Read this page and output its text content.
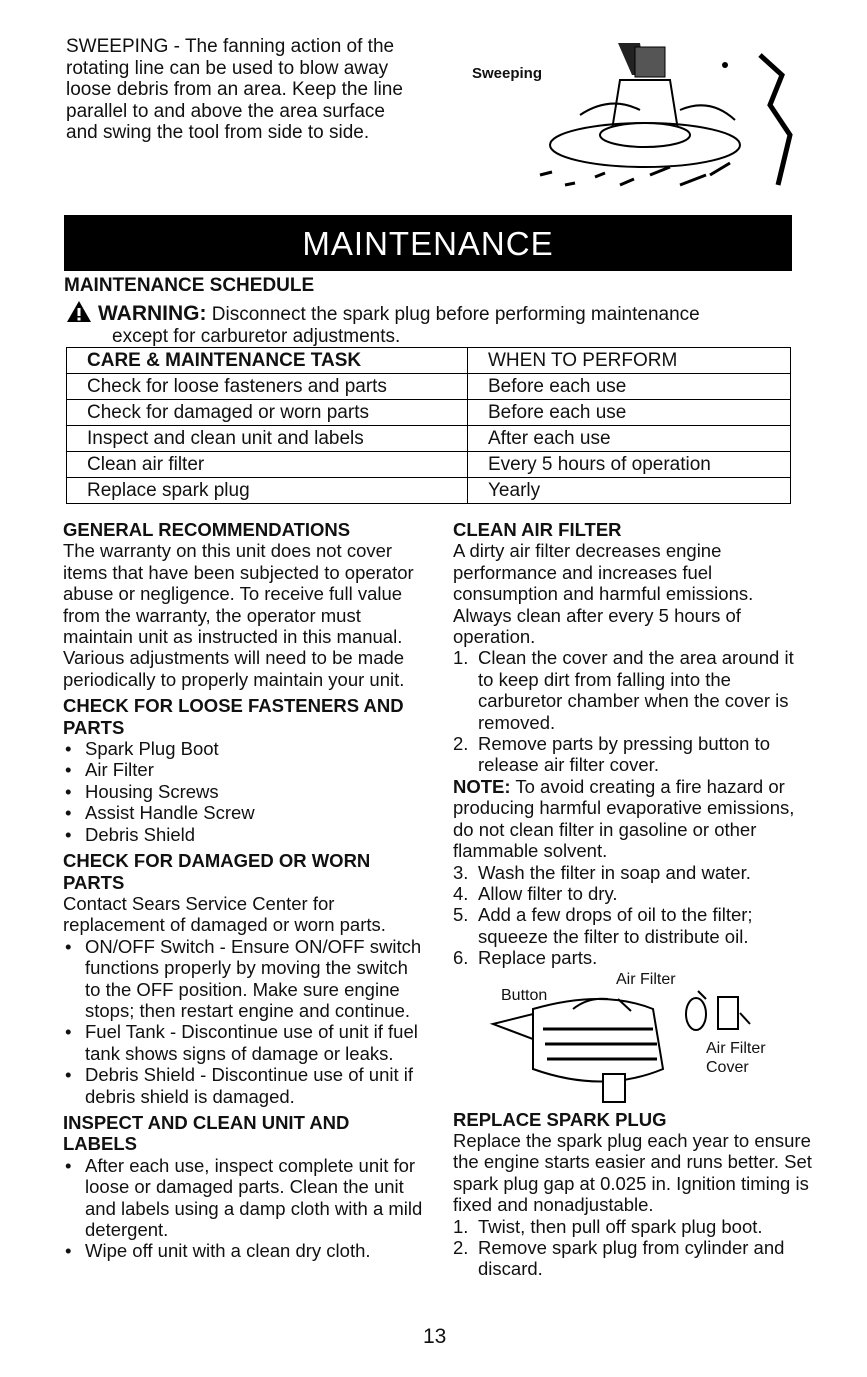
SWEEPING - The fanning action of the rotating line can be used to blow away loose debris from an area. Keep the line parallel to and above the area surface and swing the tool from side to side.

Sweeping
MAINTENANCE
MAINTENANCE SCHEDULE
WARNING: Disconnect the spark plug before performing maintenance
except for carburetor adjustments.
CARE & MAINTENANCE TASK	WHEN TO PERFORM
Check for loose fasteners and parts	Before each use
Check for damaged or worn parts	Before each use
Inspect and clean unit and labels	After each use
Clean air filter	Every 5 hours of operation
Replace spark plug	Yearly
GENERAL RECOMMENDATIONS

The warranty on this unit does not cover items that have been subjected to operator abuse or negligence. To receive full value from the warranty, the operator must maintain unit as instructed in this manual. Various adjustments will need to be made periodically to properly maintain your unit.

CHECK FOR LOOSE FASTENERS AND PARTS
• Spark Plug Boot
• Air Filter
• Housing Screws
• Assist Handle Screw
• Debris Shield
CHECK FOR DAMAGED OR WORN PARTS

Contact Sears Service Center for replacement of damaged or worn parts.

• ON/OFF Switch - Ensure ON/OFF switch functions properly by moving the switch to the OFF position. Make sure engine stops; then restart engine and continue.
• Fuel Tank - Discontinue use of unit if fuel tank shows signs of damage or leaks.
• Debris Shield - Discontinue use of unit if debris shield is damaged.
INSPECT AND CLEAN UNIT AND LABELS
• After each use, inspect complete unit for loose or damaged parts. Clean the unit and labels using a damp cloth with a mild detergent.
• Wipe off unit with a clean dry cloth.
CLEAN AIR FILTER

A dirty air filter decreases engine performance and increases fuel consumption and harmful emissions. Always clean after every 5 hours of operation.

1. Clean the cover and the area around it to keep dirt from falling into the carburetor chamber when the cover is removed.
2. Remove parts by pressing button to release air filter cover.

NOTE: To avoid creating a fire hazard or producing harmful evaporative emissions, do not clean filter in gasoline or other flammable solvent.

3. Wash the filter in soap and water.
4. Allow filter to dry.
5. Add a few drops of oil to the filter; squeeze the filter to distribute oil.
6. Replace parts.
Button
Air Filter
Air Filter
Cover
REPLACE SPARK PLUG

Replace the spark plug each year to ensure the engine starts easier and runs better. Set spark plug gap at 0.025 in. Ignition timing is fixed and nonadjustable.

1. Twist, then pull off spark plug boot.
2. Remove spark plug from cylinder and discard.
13
